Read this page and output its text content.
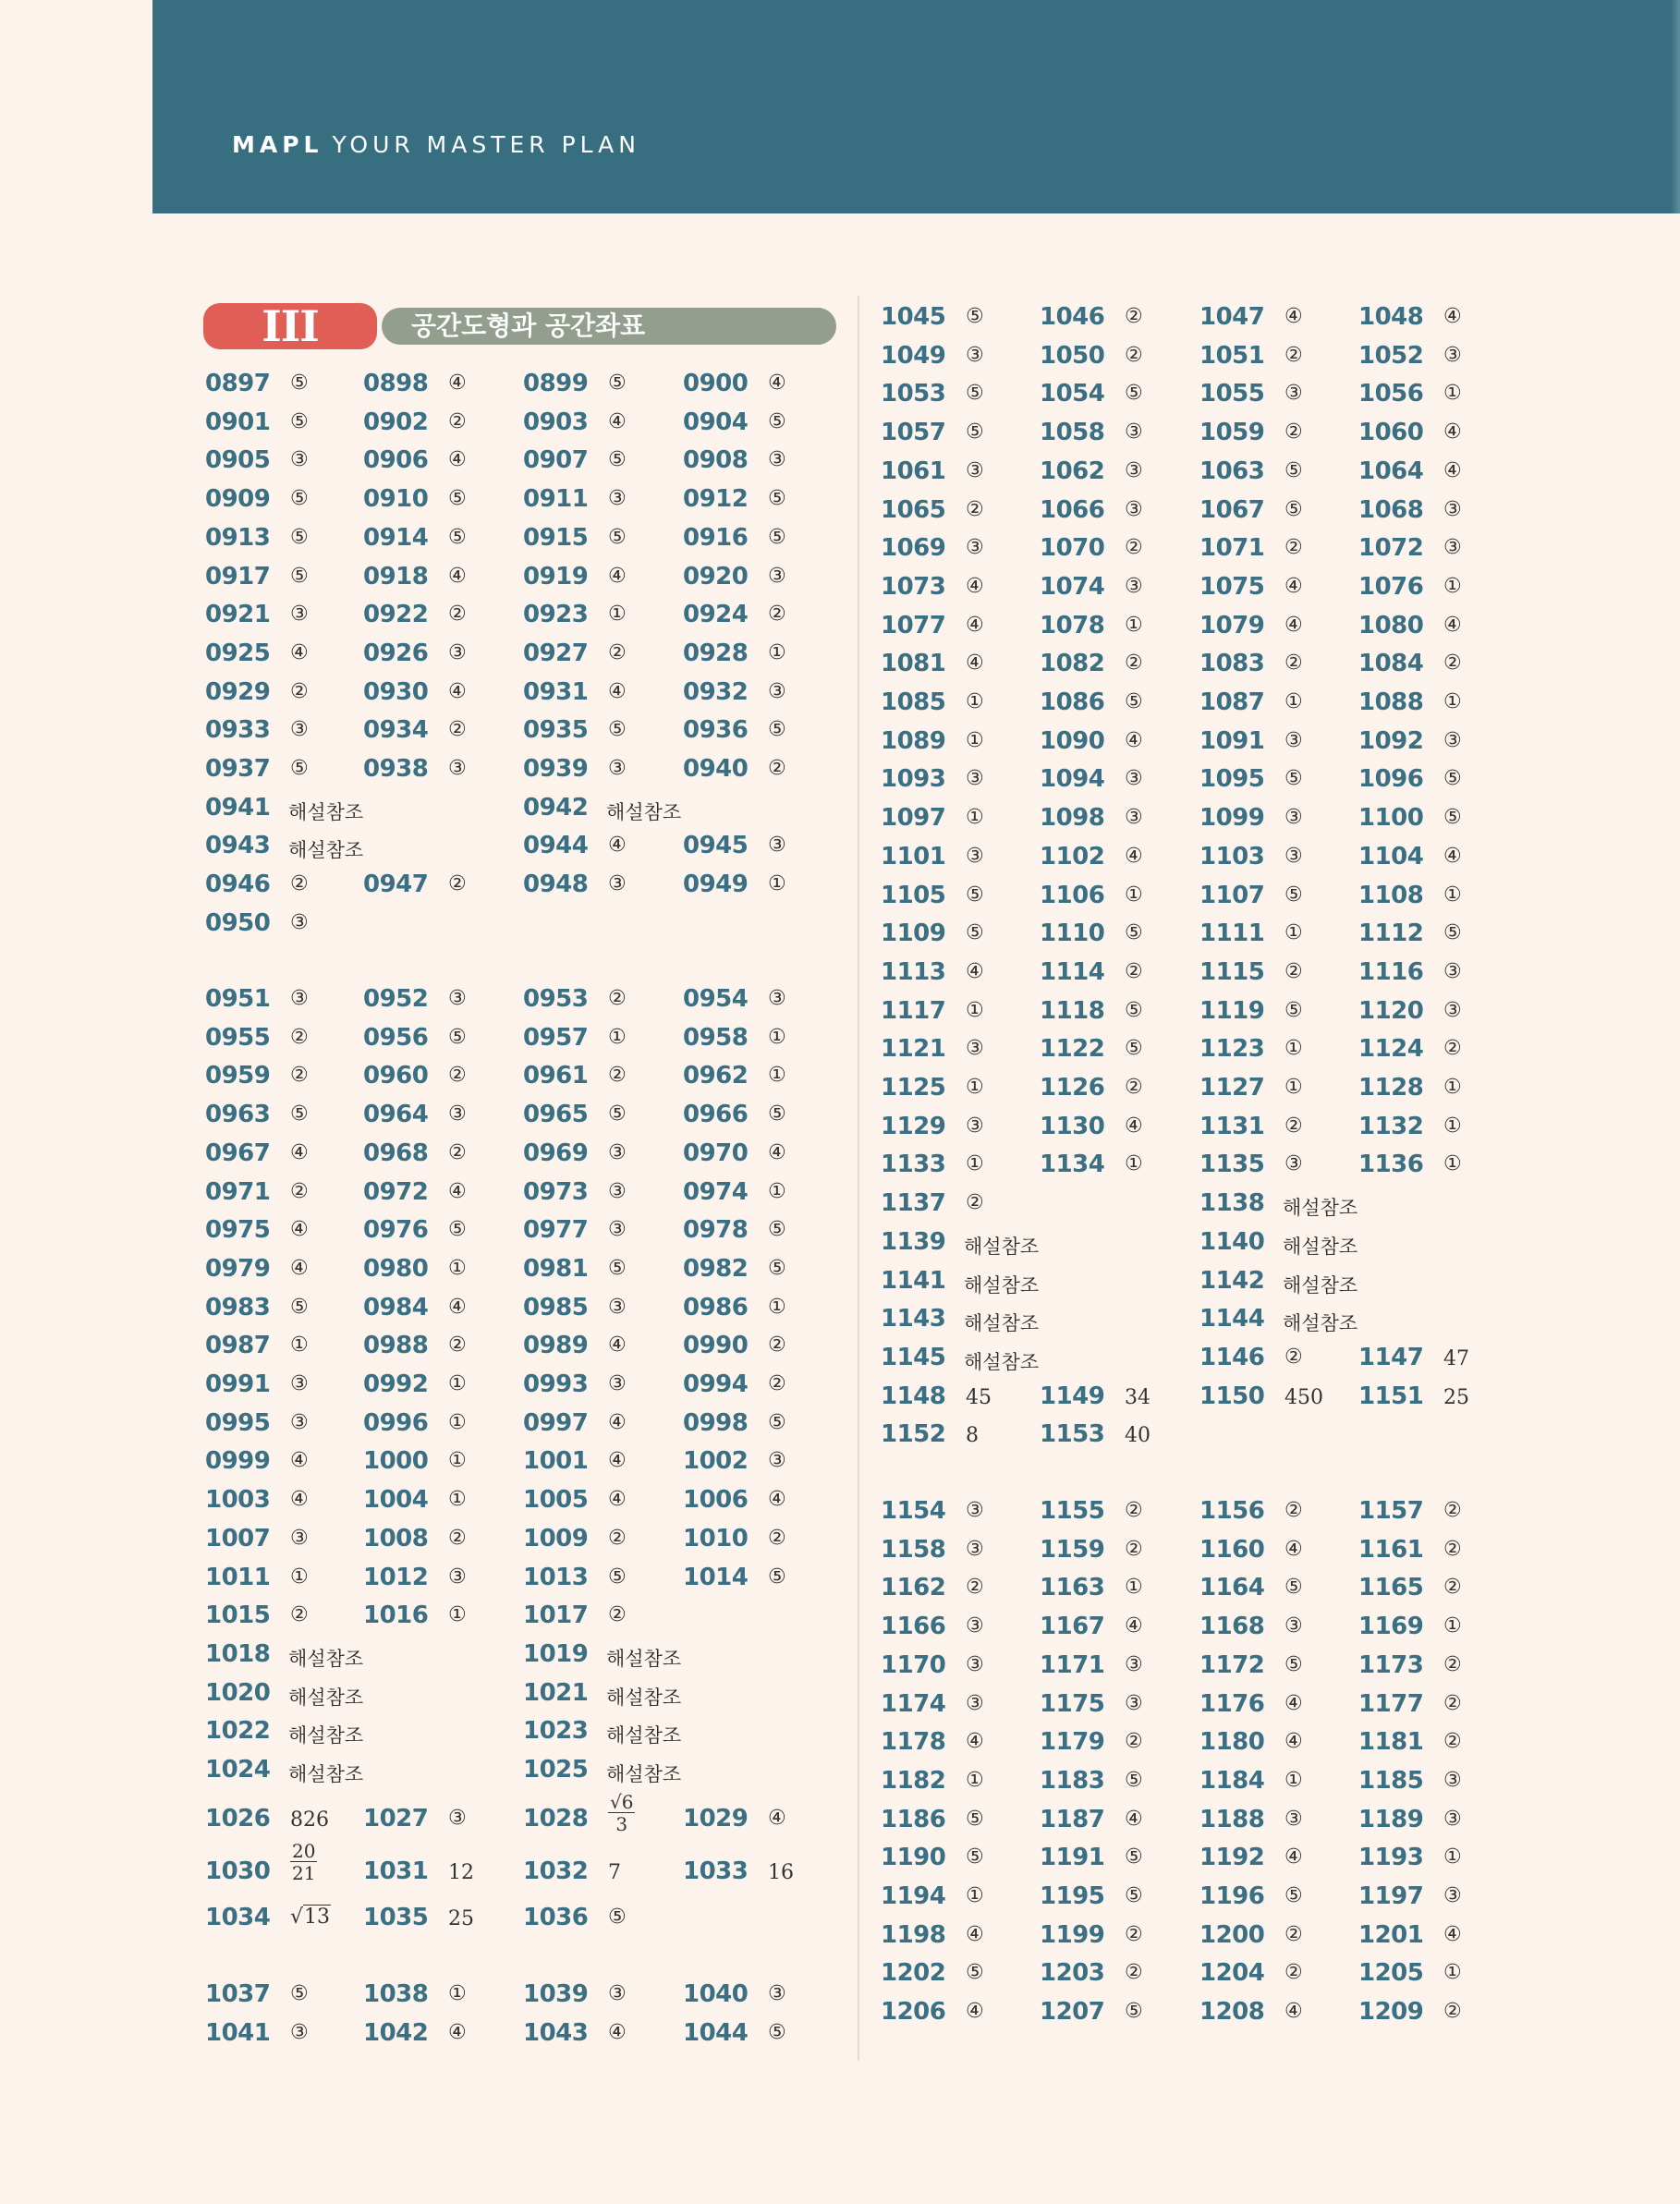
MAPL YOUR MASTER PLAN
III	공간도형과 공간좌표
0897 ⑤ 0898 ④ 0899 ⑤ 0900 ④
0901 ⑤ 0902 ② 0903 ④ 0904 ⑤
0905 ③ 0906 ④ 0907 ⑤ 0908 ③
0909 ⑤ 0910 ⑤ 0911 ③ 0912 ⑤
0913 ⑤ 0914 ⑤ 0915 ⑤ 0916 ⑤
0917 ⑤ 0918 ④ 0919 ④ 0920 ③
0921 ③ 0922 ② 0923 ① 0924 ②
0925 ④ 0926 ③ 0927 ② 0928 ①
0929 ② 0930 ④ 0931 ④ 0932 ③
0933 ③ 0934 ② 0935 ⑤ 0936 ⑤
0937 ⑤ 0938 ③ 0939 ③ 0940 ②
0941 해설참조	0942 해설참조
0943 해설참조	0944 ④ 0945 ③
0946 ② 0947 ② 0948 ③ 0949 ①
0950 ③
0951 ③ 0952 ③ 0953 ② 0954 ③
0955 ② 0956 ⑤ 0957 ① 0958 ①
0959 ② 0960 ② 0961 ② 0962 ①
0963 ⑤ 0964 ③ 0965 ⑤ 0966 ⑤
0967 ④ 0968 ② 0969 ③ 0970 ④
0971 ② 0972 ④ 0973 ③ 0974 ①
0975 ④ 0976 ⑤ 0977 ③ 0978 ⑤
0979 ④ 0980 ① 0981 ⑤ 0982 ⑤
0983 ⑤ 0984 ④ 0985 ③ 0986 ①
0987 ① 0988 ② 0989 ④ 0990 ②
0991 ③ 0992 ① 0993 ③ 0994 ②
0995 ③ 0996 ① 0997 ④ 0998 ⑤
0999 ④ 1000 ① 1001 ④ 1002 ③
1003 ④ 1004 ① 1005 ④ 1006 ④
1007 ③ 1008 ② 1009 ② 1010 ②
1011 ① 1012 ③ 1013 ⑤ 1014 ⑤
1015 ② 1016 ① 1017 ②
1018 해설참조	1019 해설참조
1020 해설참조	1021 해설참조
1022 해설참조	1023 해설참조
1024 해설참조	1025 해설참조
1026 826 1027 ③ $1028 \frac{√6}{3} 1029$ ④
$1030 \frac{20}{21} 1031$ 12 1032 7	1033 16
1034 √13 1035 25 1036 ⑤
1037 ⑤ 1038 ① 1039 ③ 1040 ③
1041 ③ 1042 ④ 1043 ④ 1044 ⑤
1045 ⑤ 1046 ② 1047 ④ 1048 ④
1049 ③ 1050 ② 1051 ② 1052 ③
1053 ⑤ 1054 ⑤ 1055 ③ 1056 ①
1057 ⑤ 1058 ③ 1059 ② 1060 ④
1061 ③ 1062 ③ 1063 ⑤ 1064 ④
1065 ② 1066 ③ 1067 ⑤ 1068 ③
1069 ③ 1070 ② 1071 ② 1072 ③
1073 ④ 1074 ③ 1075 ④ 1076 ①
1077 ④ 1078 ① 1079 ④ 1080 ④
1081 ④ 1082 ② 1083 ② 1084 ②
1085 ① 1086 ⑤ 1087 ① 1088 ①
1089 ① 1090 ④ 1091 ③ 1092 ③
1093 ③ 1094 ③ 1095 ⑤ 1096 ⑤
1097 ① 1098 ③ 1099 ③ 1100 ⑤
1101 ③ 1102 ④ 1103 ③ 1104 ④
1105 ⑤ 1106 ① 1107 ⑤ 1108 ①
1109 ⑤ 1110 ⑤ 1111 ① 1112 ⑤
1113 ④ 1114 ② 1115 ② 1116 ③
1117 ① 1118 ⑤ 1119 ⑤ 1120 ③
1121 ③ 1122 ⑤ 1123 ① 1124 ②
1125 ① 1126 ② 1127 ① 1128 ①
1129 ③ 1130 ④ 1131 ② 1132 ①
1133 ① 1134 ① 1135 ③ 1136 ①
1137 ②	1138 해설참조
1139 해설참조	1140 해설참조
1141 해설참조	1142 해설참조
1143 해설참조	1144 해설참조
1145 해설참조	1146 ② 1147 47
1148 45 1149 34 1150 450 1151 25
1152 8	1153 40
1154 ③ 1155 ② 1156 ② 1157 ②
1158 ③ 1159 ② 1160 ④ 1161 ②
1162 ② 1163 ① 1164 ⑤ 1165 ②
1166 ③ 1167 ④ 1168 ③ 1169 ①
1170 ③ 1171 ③ 1172 ⑤ 1173 ②
1174 ③ 1175 ③ 1176 ④ 1177 ②
1178 ④ 1179 ② 1180 ④ 1181 ②
1182 ① 1183 ⑤ 1184 ① 1185 ③
1186 ⑤ 1187 ④ 1188 ③ 1189 ③
1190 ⑤ 1191 ⑤ 1192 ④ 1193 ①
1194 ① 1195 ⑤ 1196 ⑤ 1197 ③
1198 ④ 1199 ② 1200 ② 1201 ④
1202 ⑤ 1203 ② 1204 ② 1205 ①
1206 ④ 1207 ⑤ 1208 ④ 1209 ②
